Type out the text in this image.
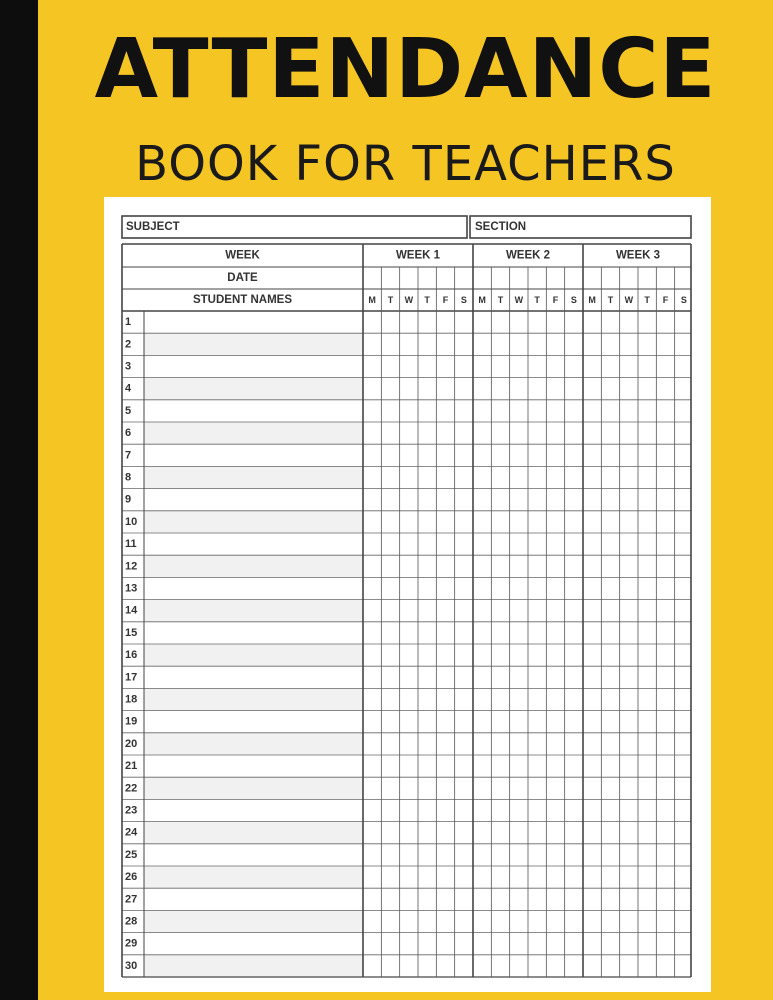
ATTENDANCE
BOOK FOR TEACHERS
SUBJECT	SECTION
WEEK
DATE
STUDENT NAMES
WEEK 1
M T W T F S
WEEK 2
M T W T F S
WEEK 3
M T W T F S
1
2
3
4
5
6
7
8
9
10
11
12
13
14
15
16
17
18
19
20
21
22
23
24
25
26
27
28
29
30
